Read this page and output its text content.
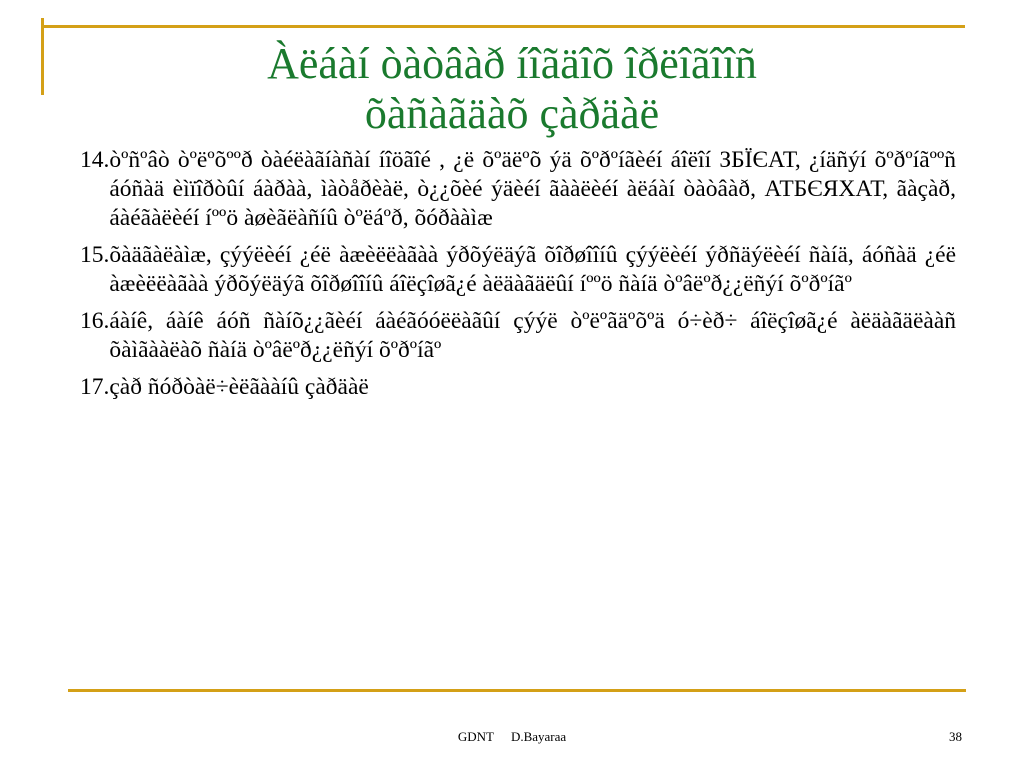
Àëáàí òàòâàð íîãäîõ îðëîãîîñ
õàñàãäàõ çàðäàë
14. òºñºâò òºëºõººð òàéëàãíàñàí íîöãîé , ¿ë õºäëºõ ýä õºðºíãèéí áîëîí ЗБЇЄАТ, ¿íäñýí õºðºíãººñ áóñàä èìïîðòûí áàðàà, ìàòåðèàë, ò¿¿õèé ýäèéí ãààëèéí àëáàí òàòâàð, АТБЄЯХАТ, ãàçàð, áàéãàëèéí íººö àøèãëàñíû òºëáºð, õóðààìæ
15. õàäãàëàìæ, çýýëèéí ¿éë àæèëëàãàà ýðõýëäýã õîðøîîíû çýýëèéí ýðñäýëèéí ñàíä, áóñàä ¿éë àæèëëàãàà ýðõýëäýã õîðøîîíû áîëçîøã¿é àëäàãäëûí íººö ñàíä òºâëºð¿¿ëñýí õºðºíãº
16. áàíê, áàíê áóñ ñàíõ¿¿ãèéí áàéãóóëëàãûí çýýë òºëºãäºõºä ó÷èð÷ áîëçîøã¿é àëäàãäëààñ õàìãààëàõ ñàíä òºâëºð¿¿ëñýí õºðºíãº
17. çàð ñóðòàë÷èëãààíû çàðäàë
GDNT D.Bayaraa	38
